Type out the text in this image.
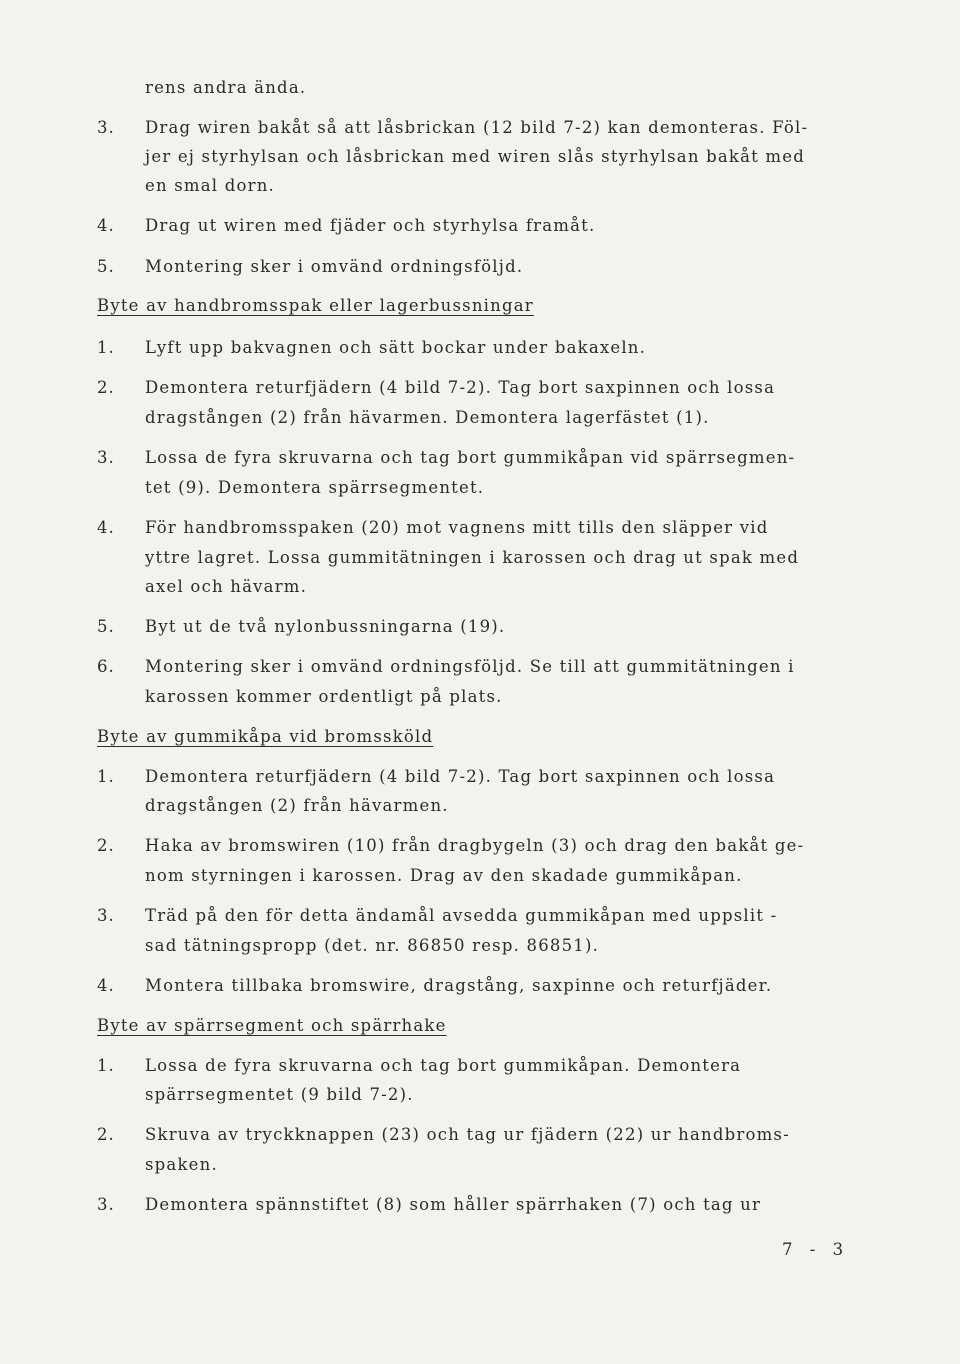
rens andra ända.
3. Drag wiren bakåt så att låsbrickan (12 bild 7-2) kan demonteras. Föl-
jer ej styrhylsan och låsbrickan med wiren slås styrhylsan bakåt med
en smal dorn.
4. Drag ut wiren med fjäder och styrhylsa framåt.
5. Montering sker i omvänd ordningsföljd.
Byte av handbromsspak eller lagerbussningar
1. Lyft upp bakvagnen och sätt bockar under bakaxeln.
2. Demontera returfjädern (4 bild 7-2). Tag bort saxpinnen och lossa
dragstången (2) från hävarmen. Demontera lagerfästet (1).
3. Lossa de fyra skruvarna och tag bort gummikåpan vid spärrsegmen-
tet (9). Demontera spärrsegmentet.
4. För handbromsspaken (20) mot vagnens mitt tills den släpper vid
yttre lagret. Lossa gummitätningen i karossen och drag ut spak med
axel och hävarm.
5. Byt ut de två nylonbussningarna (19).
6. Montering sker i omvänd ordningsföljd. Se till att gummitätningen i
karossen kommer ordentligt på plats.
Byte av gummikåpa vid bromssköld
1. Demontera returfjädern (4 bild 7-2). Tag bort saxpinnen och lossa
dragstången (2) från hävarmen.
2. Haka av bromswiren (10) från dragbygeln (3) och drag den bakåt ge-
nom styrningen i karossen. Drag av den skadade gummikåpan.
3. Träd på den för detta ändamål avsedda gummikåpan med uppslit -
sad tätningspropp (det. nr. 86850 resp. 86851).
4. Montera tillbaka bromswire, dragstång, saxpinne och returfjäder.
Byte av spärrsegment och spärrhake
1. Lossa de fyra skruvarna och tag bort gummikåpan. Demontera
spärrsegmentet (9 bild 7-2).
2. Skruva av tryckknappen (23) och tag ur fjädern (22) ur handbroms-
spaken.
3. Demontera spännstiftet (8) som håller spärrhaken (7) och tag ur
7 - 3
